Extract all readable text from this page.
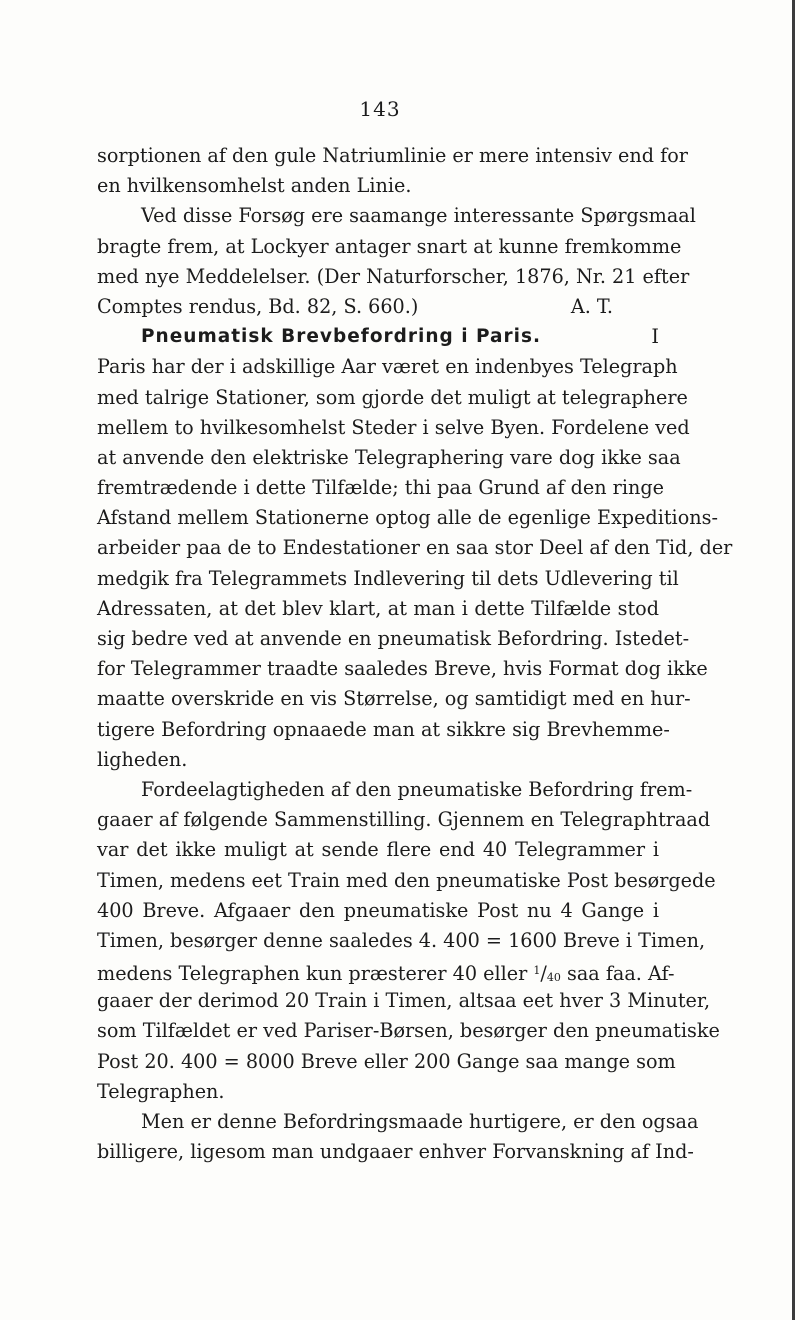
143
sorptionen af den gule Natriumlinie er mere intensiv end for
en hvilkensomhelst anden Linie.
Ved disse Forsøg ere saamange interessante Spørgsmaal
bragte frem, at Lockyer antager snart at kunne fremkomme
med nye Meddelelser. (Der Naturforscher, 1876, Nr. 21 efter
Comptes rendus, Bd. 82, S. 660.)	A. T.
Pneumatisk Brevbefordring i Paris.	I
Paris har der i adskillige Aar været en indenbyes Telegraph
med talrige Stationer, som gjorde det muligt at telegraphere
mellem to hvilkesomhelst Steder i selve Byen. Fordelene ved
at anvende den elektriske Telegraphering vare dog ikke saa
fremtrædende i dette Tilfælde; thi paa Grund af den ringe
Afstand mellem Stationerne optog alle de egenlige Expeditions-
arbeider paa de to Endestationer en saa stor Deel af den Tid, der
medgik fra Telegrammets Indlevering til dets Udlevering til
Adressaten, at det blev klart, at man i dette Tilfælde stod
sig bedre ved at anvende en pneumatisk Befordring. Istedet-
for Telegrammer traadte saaledes Breve, hvis Format dog ikke
maatte overskride en vis Størrelse, og samtidigt med en hur-
tigere Befordring opnaaede man at sikkre sig Brevhemme-
ligheden.
Fordeelagtigheden af den pneumatiske Befordring frem-
gaaer af følgende Sammenstilling. Gjennem en Telegraphtraad
var det ikke muligt at sende flere end 40 Telegrammer i
Timen, medens eet Train med den pneumatiske Post besørgede
400 Breve. Afgaaer den pneumatiske Post nu 4 Gange i
Timen, besørger denne saaledes 4. 400 = 1600 Breve i Timen,
medens Telegraphen kun præsterer 40 eller $^1/_{40}$ saa faa. Af-
gaaer der derimod 20 Train i Timen, altsaa eet hver 3 Minuter,
som Tilfældet er ved Pariser-Børsen, besørger den pneumatiske
Post 20. 400 = 8000 Breve eller 200 Gange saa mange som
Telegraphen.
Men er denne Befordringsmaade hurtigere, er den ogsaa
billigere, ligesom man undgaaer enhver Forvanskning af Ind-
